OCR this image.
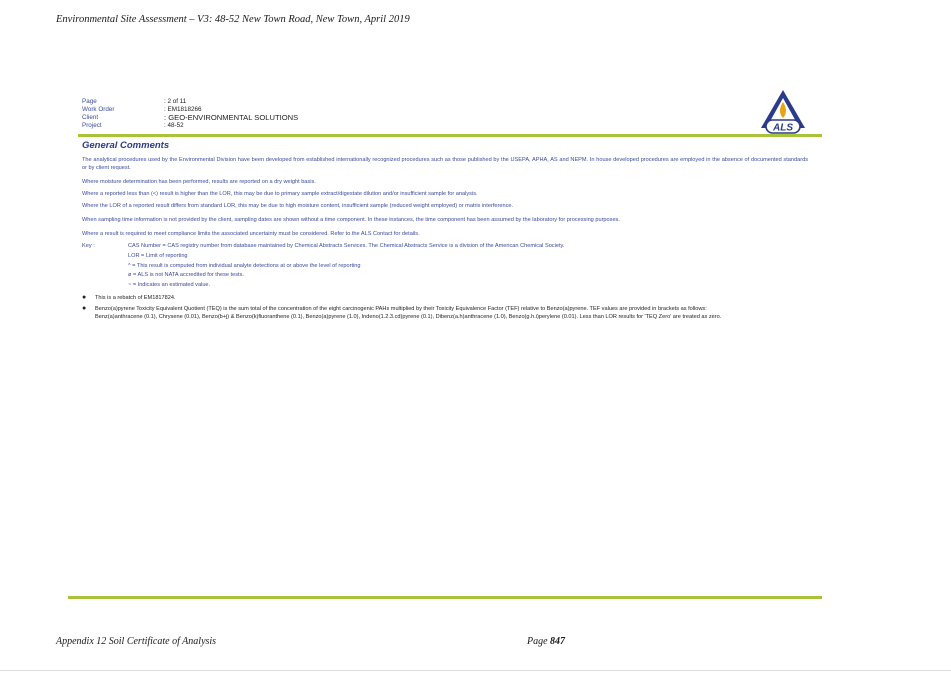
Environmental Site Assessment – V3: 48-52 New Town Road, New Town, April 2019
Page	: 2 of 11
Work Order	: EM1818266
Client	: GEO-ENVIRONMENTAL SOLUTIONS
Project	: 48-52	ALS
General Comments

The analytical procedures used by the Environmental Division have been developed from established internationally recognized procedures such as those published by the USEPA, APHA, AS and NEPM. In house developed procedures are employed in the absence of documented standards or by client request.

Where moisture determination has been performed, results are reported on a dry weight basis.

Where a reported less than (<) result is higher than the LOR, this may be due to primary sample extract/digestate dilution and/or insufficient sample for analysis.

Where the LOR of a reported result differs from standard LOR, this may be due to high moisture content, insufficient sample (reduced weight employed) or matrix interference.

When sampling time information is not provided by the client, sampling dates are shown without a time component. In these instances, the time component has been assumed by the laboratory for processing purposes.

Where a result is required to meet compliance limits the associated uncertainty must be considered. Refer to the ALS Contact for details.

Key :	CAS Number = CAS registry number from database maintained by Chemical Abstracts Services. The Chemical Abstracts Service is a division of the American Chemical Society.
LOR = Limit of reporting
^ = This result is computed from individual analyte detections at or above the level of reporting
ø = ALS is not NATA accredited for these tests.
~ = Indicates an estimated value.
●	This is a rebatch of EM1817824.
●	Benzo(a)pyrene Toxicity Equivalent Quotient (TEQ) is the sum total of the concentration of the eight carcinogenic PAHs multiplied by their Toxicity Equivalence Factor (TEF) relative to Benzo(a)pyrene. TEF values are provided in brackets as follows: Benz(a)anthracene (0.1), Chrysene (0.01), Benzo(b+j) & Benzo(k)fluoranthene (0.1), Benzo(a)pyrene (1.0), Indeno(1.2.3.cd)pyrene (0.1), Dibenz(a.h)anthracene (1.0), Benzo(g.h.i)perylene (0.01). Less than LOR results for 'TEQ Zero' are treated as zero.
Appendix 12 Soil Certificate of Analysis	Page 847
